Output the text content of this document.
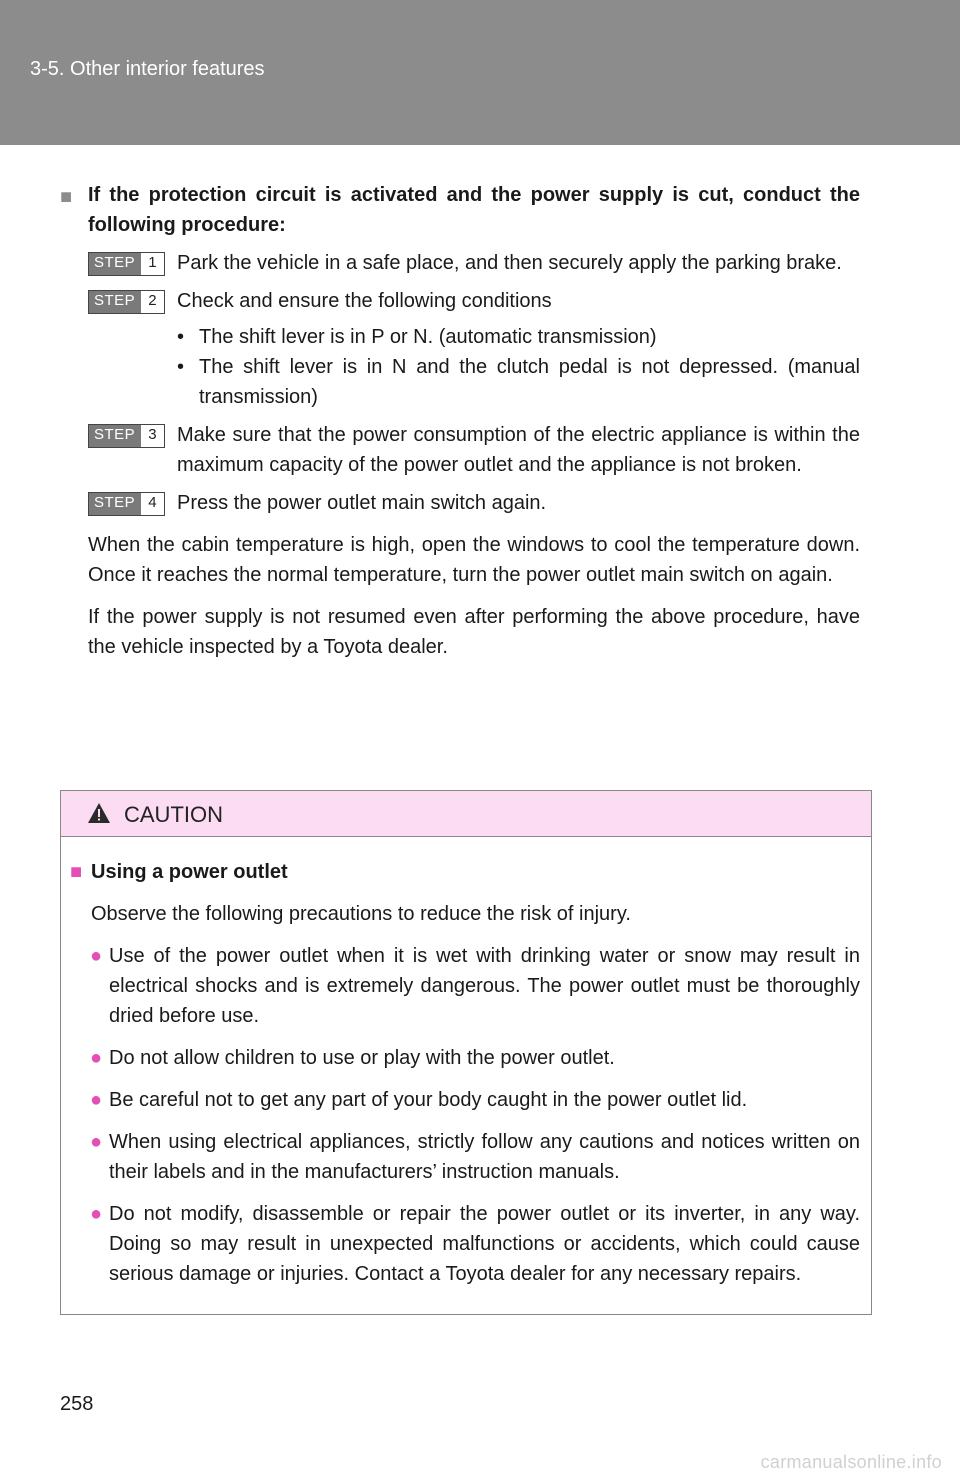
3-5. Other interior features
■ If the protection circuit is activated and the power supply is cut, conduct the following procedure:
STEP 1	Park the vehicle in a safe place, and then securely apply the parking brake.
STEP 2	Check and ensure the following conditions
• The shift lever is in P or N. (automatic transmission)
• The shift lever is in N and the clutch pedal is not depressed. (manual transmission)
STEP 3	Make sure that the power consumption of the electric appliance is within the maximum capacity of the power outlet and the appliance is not broken.
STEP 4	Press the power outlet main switch again.
When the cabin temperature is high, open the windows to cool the temperature down. Once it reaches the normal temperature, turn the power outlet main switch on again.
If the power supply is not resumed even after performing the above procedure, have the vehicle inspected by a Toyota dealer.
CAUTION
■ Using a power outlet
Observe the following precautions to reduce the risk of injury.
● Use of the power outlet when it is wet with drinking water or snow may result in electrical shocks and is extremely dangerous. The power outlet must be thoroughly dried before use.
● Do not allow children to use or play with the power outlet.
● Be careful not to get any part of your body caught in the power outlet lid.
● When using electrical appliances, strictly follow any cautions and notices written on their labels and in the manufacturers’ instruction manuals.
● Do not modify, disassemble or repair the power outlet or its inverter, in any way. Doing so may result in unexpected malfunctions or accidents, which could cause serious damage or injuries. Contact a Toyota dealer for any necessary repairs.
258
carmanualsonline.info
